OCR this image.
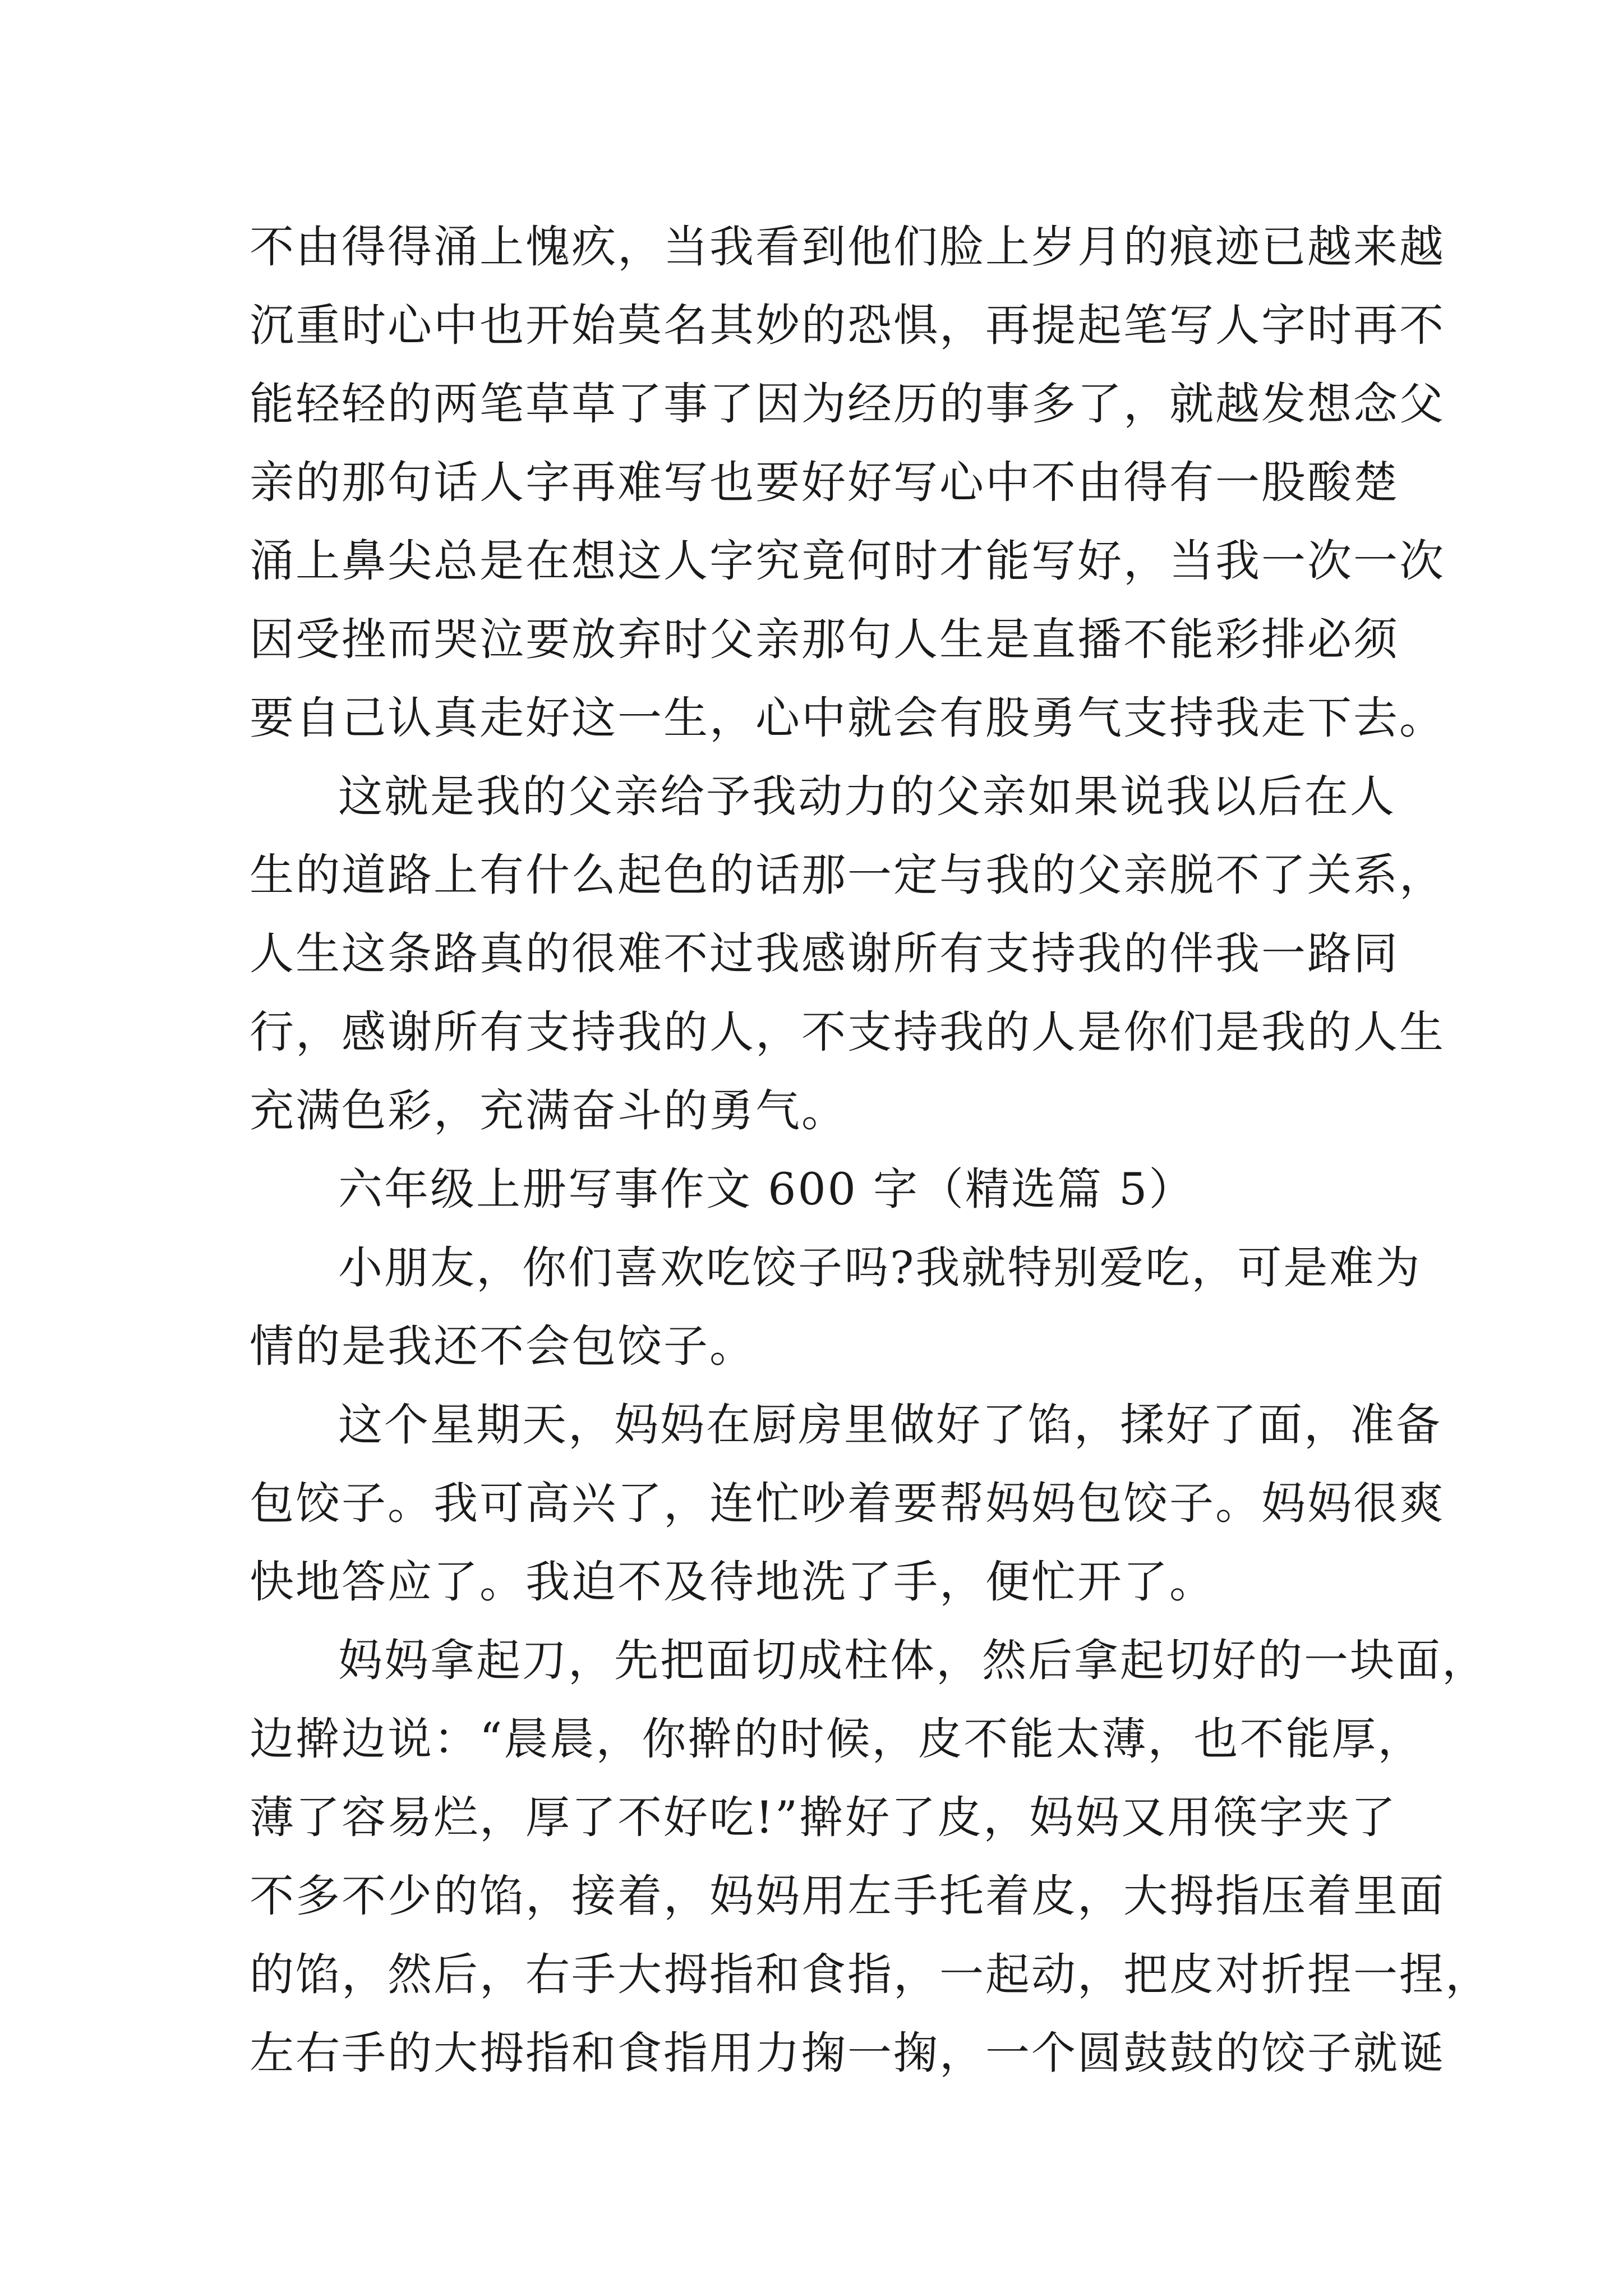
不由得得涌上愧疚，当我看到他们脸上岁月的痕迹已越来越
沉重时心中也开始莫名其妙的恐惧，再提起笔写人字时再不
能轻轻的两笔草草了事了因为经历的事多了，就越发想念父
亲的那句话人字再难写也要好好写心中不由得有一股酸楚
涌上鼻尖总是在想这人字究竟何时才能写好，当我一次一次
因受挫而哭泣要放弃时父亲那句人生是直播不能彩排必须
要自己认真走好这一生，心中就会有股勇气支持我走下去。
这就是我的父亲给予我动力的父亲如果说我以后在人
生的道路上有什么起色的话那一定与我的父亲脱不了关系，
人生这条路真的很难不过我感谢所有支持我的伴我一路同
行，感谢所有支持我的人，不支持我的人是你们是我的人生
充满色彩，充满奋斗的勇气。
六年级上册写事作文 600 字（精选篇 5）
小朋友，你们喜欢吃饺子吗?我就特别爱吃，可是难为
情的是我还不会包饺子。
这个星期天，妈妈在厨房里做好了馅，揉好了面，准备
包饺子。我可高兴了，连忙吵着要帮妈妈包饺子。妈妈很爽
快地答应了。我迫不及待地洗了手，便忙开了。
妈妈拿起刀，先把面切成柱体，然后拿起切好的一块面，
边擀边说：“晨晨，你擀的时候，皮不能太薄，也不能厚，
薄了容易烂，厚了不好吃!”擀好了皮，妈妈又用筷字夹了
不多不少的馅，接着，妈妈用左手托着皮，大拇指压着里面
的馅，然后，右手大拇指和食指，一起动，把皮对折捏一捏，
左右手的大拇指和食指用力掬一掬，一个圆鼓鼓的饺子就诞
